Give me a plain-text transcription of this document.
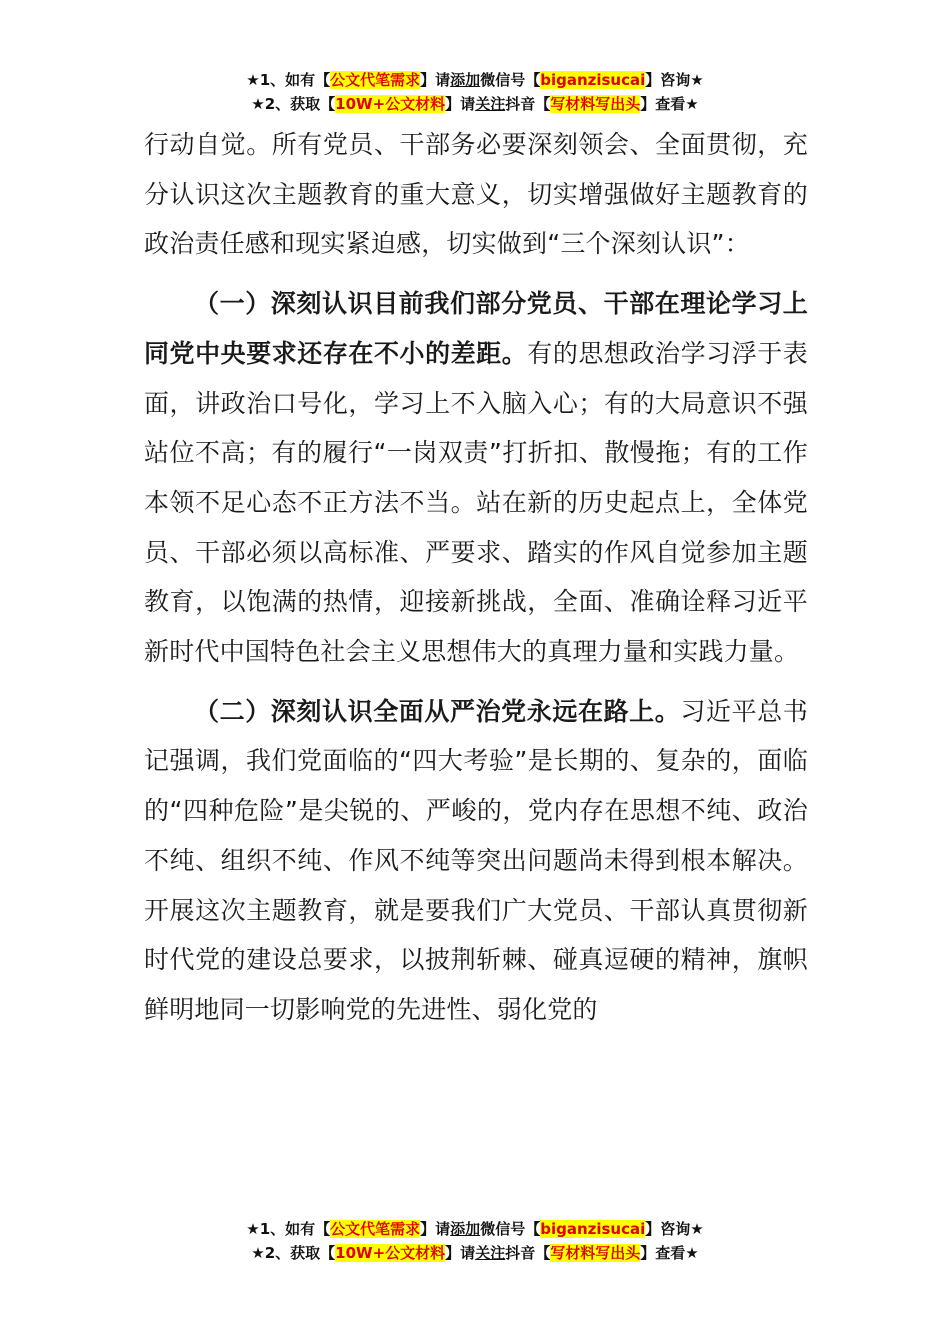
★1、如有【公文代笔需求】请添加微信号【biganzisucai】咨询★
★2、获取【10W+公文材料】请关注抖音【写材料写出头】查看★

行动自觉。所有党员、干部务必要深刻领会、全面贯彻，充分认识这次主题教育的重大意义，切实增强做好主题教育的政治责任感和现实紧迫感，切实做到“三个深刻认识”：

（一）深刻认识目前我们部分党员、干部在理论学习上同党中央要求还存在不小的差距。有的思想政治学习浮于表面，讲政治口号化，学习上不入脑入心；有的大局意识不强站位不高；有的履行“一岗双责”打折扣、散慢拖；有的工作本领不足心态不正方法不当。站在新的历史起点上，全体党员、干部必须以高标准、严要求、踏实的作风自觉参加主题教育，以饱满的热情，迎接新挑战，全面、准确诠释习近平新时代中国特色社会主义思想伟大的真理力量和实践力量。

（二）深刻认识全面从严治党永远在路上。习近平总书记强调，我们党面临的“四大考验”是长期的、复杂的，面临的“四种危险”是尖锐的、严峻的，党内存在思想不纯、政治不纯、组织不纯、作风不纯等突出问题尚未得到根本解决。开展这次主题教育，就是要我们广大党员、干部认真贯彻新时代党的建设总要求，以披荆斩棘、碰真逗硬的精神，旗帜鲜明地同一切影响党的先进性、弱化党的

★1、如有【公文代笔需求】请添加微信号【biganzisucai】咨询★
★2、获取【10W+公文材料】请关注抖音【写材料写出头】查看★
